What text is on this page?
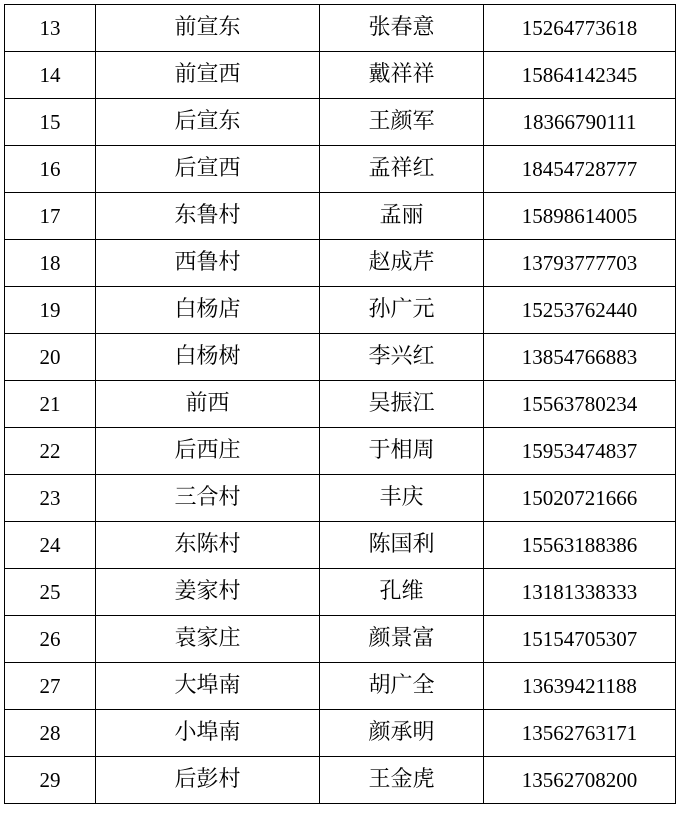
13	前宣东	张春意	15264773618
14	前宣西	戴祥祥	15864142345
15	后宣东	王颜军	18366790111
16	后宣西	孟祥红	18454728777
17	东鲁村	孟丽	15898614005
18	西鲁村	赵成芹	13793777703
19	白杨店	孙广元	15253762440
20	白杨树	李兴红	13854766883
21	前西	吴振江	15563780234
22	后西庄	于相周	15953474837
23	三合村	丰庆	15020721666
24	东陈村	陈国利	15563188386
25	姜家村	孔维	13181338333
26	袁家庄	颜景富	15154705307
27	大埠南	胡广全	13639421188
28	小埠南	颜承明	13562763171
29	后彭村	王金虎	13562708200
